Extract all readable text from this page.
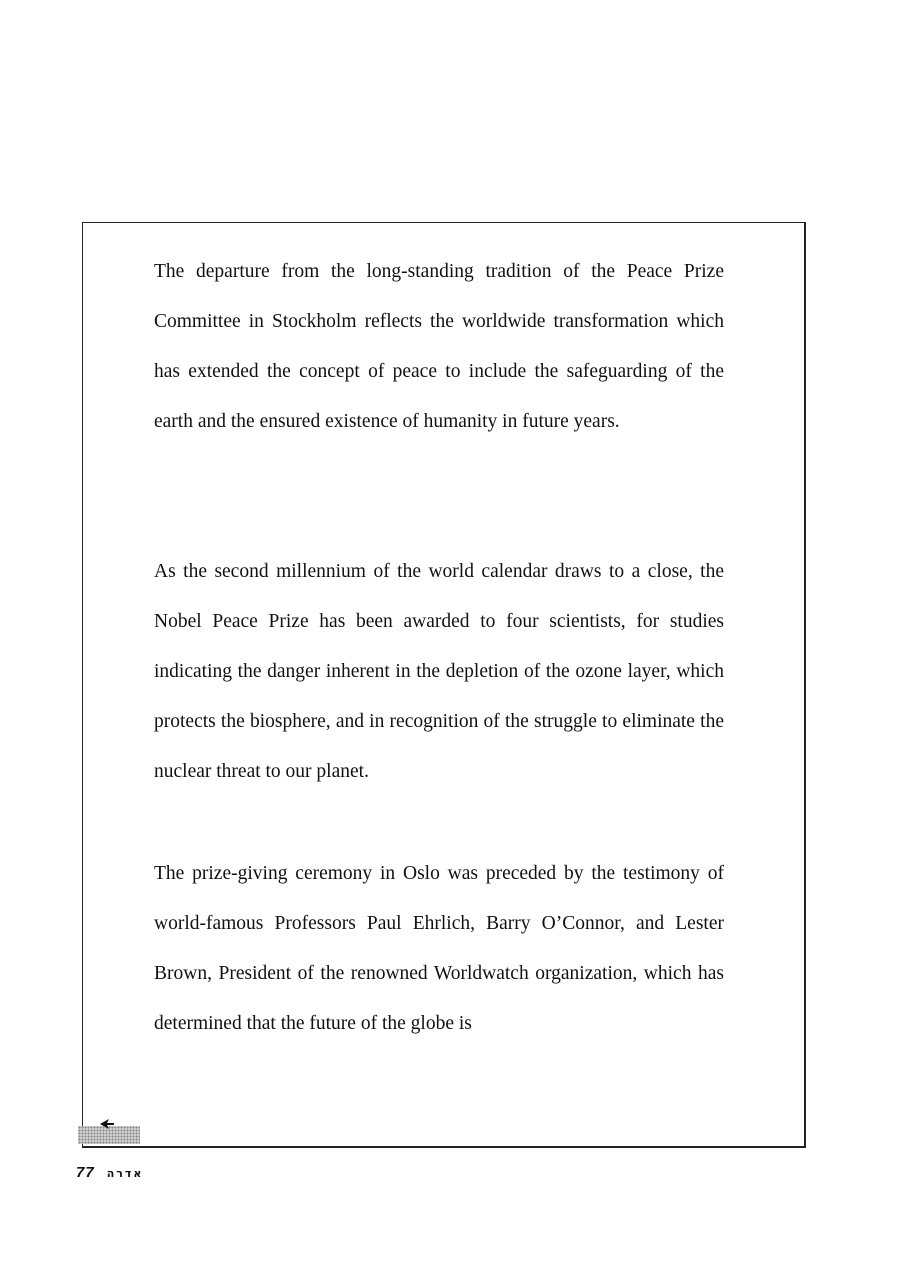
The departure from the long-standing tradition of the Peace Prize Committee in Stockholm reflects the worldwide transformation which has extended the concept of peace to include the safeguarding of the earth and the ensured existence of humanity in future years.

As the second millennium of the world calendar draws to a close, the Nobel Peace Prize has been awarded to four scientists, for studies indicating the danger inherent in the depletion of the ozone layer, which protects the biosphere, and in recognition of the struggle to eliminate the nuclear threat to our planet.

The prize-giving ceremony in Oslo was preceded by the testimony of world-famous Professors Paul Ehrlich, Barry O’Connor, and Lester Brown, President of the renowned Worldwatch organization, which has determined that the future of the globe is

77 אדרה
